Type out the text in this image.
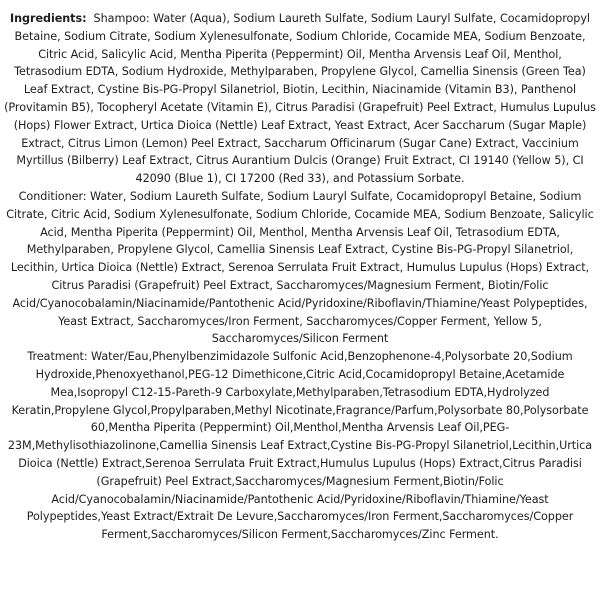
Ingredients: Shampoo: Water (Aqua), Sodium Laureth Sulfate, Sodium Lauryl Sulfate, Cocamidopropyl Betaine, Sodium Citrate, Sodium Xylenesulfonate, Sodium Chloride, Cocamide MEA, Sodium Benzoate, Citric Acid, Salicylic Acid, Mentha Piperita (Peppermint) Oil, Mentha Arvensis Leaf Oil, Menthol, Tetrasodium EDTA, Sodium Hydroxide, Methylparaben, Propylene Glycol, Camellia Sinensis (Green Tea) Leaf Extract, Cystine Bis-PG-Propyl Silanetriol, Biotin, Lecithin, Niacinamide (Vitamin B3), Panthenol (Provitamin B5), Tocopheryl Acetate (Vitamin E), Citrus Paradisi (Grapefruit) Peel Extract, Humulus Lupulus (Hops) Flower Extract, Urtica Dioica (Nettle) Leaf Extract, Yeast Extract, Acer Saccharum (Sugar Maple) Extract, Citrus Limon (Lemon) Peel Extract, Saccharum Officinarum (Sugar Cane) Extract, Vaccinium Myrtillus (Bilberry) Leaf Extract, Citrus Aurantium Dulcis (Orange) Fruit Extract, CI 19140 (Yellow 5), CI 42090 (Blue 1), CI 17200 (Red 33), and Potassium Sorbate.

Conditioner: Water, Sodium Laureth Sulfate, Sodium Lauryl Sulfate, Cocamidopropyl Betaine, Sodium Citrate, Citric Acid, Sodium Xylenesulfonate, Sodium Chloride, Cocamide MEA, Sodium Benzoate, Salicylic Acid, Mentha Piperita (Peppermint) Oil, Menthol, Mentha Arvensis Leaf Oil, Tetrasodium EDTA, Methylparaben, Propylene Glycol, Camellia Sinensis Leaf Extract, Cystine Bis-PG-Propyl Silanetriol, Lecithin, Urtica Dioica (Nettle) Extract, Serenoa Serrulata Fruit Extract, Humulus Lupulus (Hops) Extract, Citrus Paradisi (Grapefruit) Peel Extract, Saccharomyces/Magnesium Ferment, Biotin/Folic Acid/Cyanocobalamin/Niacinamide/Pantothenic Acid/Pyridoxine/Riboflavin/Thiamine/Yeast Polypeptides, Yeast Extract, Saccharomyces/Iron Ferment, Saccharomyces/Copper Ferment, Yellow 5, Saccharomyces/Silicon Ferment

Treatment: Water/Eau,Phenylbenzimidazole Sulfonic Acid,Benzophenone-4,Polysorbate 20,Sodium Hydroxide,Phenoxyethanol,PEG-12 Dimethicone,Citric Acid,Cocamidopropyl Betaine,Acetamide Mea,Isopropyl C12-15-Pareth-9 Carboxylate,Methylparaben,Tetrasodium EDTA,Hydrolyzed Keratin,Propylene Glycol,Propylparaben,Methyl Nicotinate,Fragrance/Parfum,Polysorbate 80,Polysorbate 60,Mentha Piperita (Peppermint) Oil,Menthol,Mentha Arvensis Leaf Oil,PEG-23M,Methylisothiazolinone,Camellia Sinensis Leaf Extract,Cystine Bis-PG-Propyl Silanetriol,Lecithin,Urtica Dioica (Nettle) Extract,Serenoa Serrulata Fruit Extract,Humulus Lupulus (Hops) Extract,Citrus Paradisi (Grapefruit) Peel Extract,Saccharomyces/Magnesium Ferment,Biotin/Folic Acid/Cyanocobalamin/Niacinamide/Pantothenic Acid/Pyridoxine/Riboflavin/Thiamine/Yeast Polypeptides,Yeast Extract/Extrait De Levure,Saccharomyces/Iron Ferment,Saccharomyces/Copper Ferment,Saccharomyces/Silicon Ferment,Saccharomyces/Zinc Ferment.
